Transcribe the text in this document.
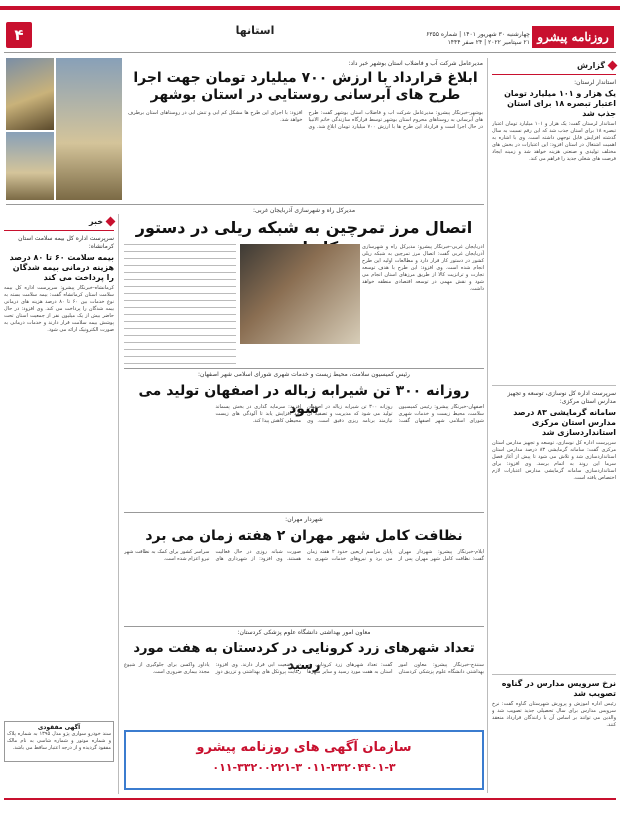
۴	استانها	روزنامه پیشرو
چهارشنبه ۳۰ شهریور ۱۴۰۱ | شماره ۶۳۵۵
۲۱ سپتامبر ۲۰۲۲ | ۲۴ صفر ۱۴۴۴
گزارش
استاندار لرستان:
یک هزار و ۱۰۱ میلیارد تومان اعتبار تبصره ۱۸ برای استان جذب شد
استاندار لرستان گفت: یک هزار و ۱۰۱ میلیارد تومان اعتبار تبصره ۱۸ برای استان جذب شد که این رقم نسبت به سال گذشته افزایش قابل توجهی داشته است. وی با اشاره به اهمیت اشتغال در استان افزود: این اعتبارات در بخش های مختلف تولیدی و صنعتی هزینه خواهد شد و زمینه ایجاد فرصت های شغلی جدید را فراهم می کند.
سرپرست اداره کل نوسازی، توسعه و تجهیز مدارس استان مرکزی:
سامانه گرمایشی ۸۳ درصد مدارس استان مرکزی استانداردسازی شد
سرپرست اداره کل نوسازی، توسعه و تجهیز مدارس استان مرکزی گفت: سامانه گرمایشی ۸۳ درصد مدارس استان استانداردسازی شد و تلاش می شود تا پیش از آغاز فصل سرما این روند به اتمام برسد. وی افزود: برای استانداردسازی سامانه گرمایشی مدارس اعتبارات لازم اختصاص یافته است.
نرخ سرویس مدارس در گناوه تصویب شد
رئیس اداره آموزش و پرورش شهرستان گناوه گفت: نرخ سرویس مدارس برای سال تحصیلی جدید تصویب شد و والدین می توانند بر اساس آن با رانندگان قرارداد منعقد کنند.
مدیرعامل شرکت آب و فاضلاب استان بوشهر خبر داد:
ابلاغ قرارداد با ارزش ۷۰۰ میلیارد تومان جهت اجرا طرح های آبرسانی روستایی در استان بوشهر
بوشهر-خبرنگار پیشرو: مدیرعامل شرکت آب و فاضلاب استان بوشهر گفت: طرح های آبرسانی به روستاهای محروم استان بوشهر توسط قرارگاه سازندگی خاتم الانبیا در حال اجرا است و قرارداد این طرح ها با ارزش ۷۰۰ میلیارد تومان ابلاغ شد. وی افزود: با اجرای این طرح ها مشکل کم آبی و تنش آبی در روستاهای استان برطرف خواهد شد.
خبر
سرپرست اداره کل بیمه سلامت استان کرمانشاه:
بیمه سلامت ۶۰ تا ۸۰ درصد هزینه درمانی بیمه شدگان را پرداخت می کند
کرمانشاه-خبرنگار پیشرو: سرپرست اداره کل بیمه سلامت استان کرمانشاه گفت: بیمه سلامت بسته به نوع خدمات بین ۶۰ تا ۸۰ درصد هزینه های درمانی بیمه شدگان را پرداخت می کند. وی افزود: در حال حاضر بیش از یک میلیون نفر از جمعیت استان تحت پوشش بیمه سلامت قرار دارند و خدمات درمانی به صورت الکترونیک ارائه می شود.
آگهی مفقودی
سند خودرو سواری پژو مدل ۱۳۹۵ به شماره پلاک و شماره موتور و شماره شاسی به نام مالک مفقود گردیده و از درجه اعتبار ساقط می باشد.
مدیرکل راه و شهرسازی آذربایجان غربی:
اتصال مرز تمرچین به شبکه ریلی در دستور
آذربایجان غربی-خبرنگار پیشرو: مدیرکل راه و شهرسازی آذربایجان غربی گفت: اتصال مرز تمرچین به شبکه ریلی کشور در دستور کار قرار دارد و مطالعات اولیه این طرح انجام شده است. وی افزود: این طرح با هدف توسعه تجارت و ترانزیت کالا از طریق مرزهای استان انجام می شود و نقش مهمی در توسعه اقتصادی منطقه خواهد داشت.
رئیس کمیسیون سلامت، محیط زیست و خدمات شهری شورای اسلامی شهر اصفهان:
روزانه ۳۰۰ تن شیرابه زباله در اصفهان تولید می شود	اصفهان-خبرنگار پیشرو: رئیس کمیسیون سلامت، محیط زیست و خدمات شهری شورای اسلامی شهر اصفهان گفت: روزانه ۳۰۰ تن شیرابه زباله در اصفهان تولید می شود که مدیریت و تصفیه آن نیازمند برنامه ریزی دقیق است. وی افزود: سرمایه گذاری در بخش پسماند باید افزایش یابد تا آلودگی های زیست محیطی کاهش پیدا کند.
شهردار مهران:
نظافت کامل شهر مهران ۲ هفته زمان می برد
ایلام-خبرنگار پیشرو: شهردار مهران گفت: نظافت کامل شهر مهران پس از پایان مراسم اربعین حدود ۲ هفته زمان می برد و نیروهای خدمات شهری به صورت شبانه روزی در حال فعالیت هستند. وی افزود: از شهرداری های سراسر کشور برای کمک به نظافت شهر نیرو اعزام شده است.
معاون امور بهداشتی دانشگاه علوم پزشکی کردستان:
تعداد شهرهای زرد کرونایی در کردستان به هفت مورد رسید	سنندج-خبرنگار پیشرو: معاون امور بهداشتی دانشگاه علوم پزشکی کردستان گفت: تعداد شهرهای زرد کرونایی در استان به هفت مورد رسید و سایر شهرها در وضعیت آبی قرار دارند. وی افزود: رعایت پروتکل های بهداشتی و تزریق دوز یادآور واکسن برای جلوگیری از شیوع مجدد بیماری ضروری است.
سازمان آگهی های روزنامه پیشرو
۰۱۱-۳۳۲۰۰۲۲۱-۳ ۰۱۱-۳۳۲۰۴۴۰۱-۳
